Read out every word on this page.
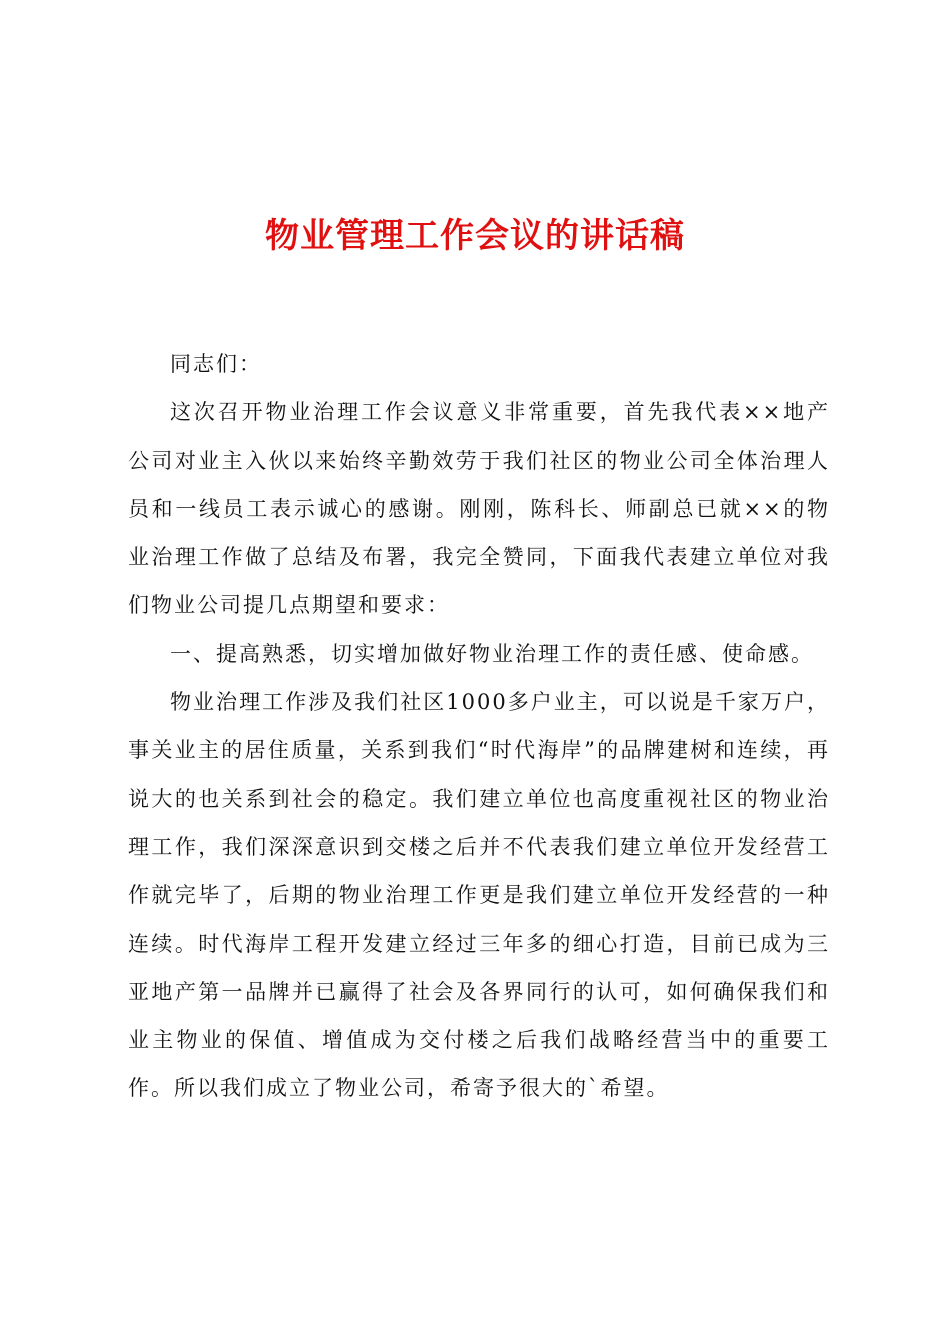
物业管理工作会议的讲话稿

同志们：

这次召开物业治理工作会议意义非常重要，首先我代表××地产公司对业主入伙以来始终辛勤效劳于我们社区的物业公司全体治理人员和一线员工表示诚心的感谢。刚刚，陈科长、师副总已就××的物业治理工作做了总结及布署，我完全赞同，下面我代表建立单位对我们物业公司提几点期望和要求：

一、提高熟悉，切实增加做好物业治理工作的责任感、使命感。

物业治理工作涉及我们社区1000多户业主，可以说是千家万户，事关业主的居住质量，关系到我们“时代海岸”的品牌建树和连续，再说大的也关系到社会的稳定。我们建立单位也高度重视社区的物业治理工作，我们深深意识到交楼之后并不代表我们建立单位开发经营工作就完毕了，后期的物业治理工作更是我们建立单位开发经营的一种连续。时代海岸工程开发建立经过三年多的细心打造，目前已成为三亚地产第一品牌并已赢得了社会及各界同行的认可，如何确保我们和业主物业的保值、增值成为交付楼之后我们战略经营当中的重要工作。所以我们成立了物业公司，希寄予很大的`希望。
